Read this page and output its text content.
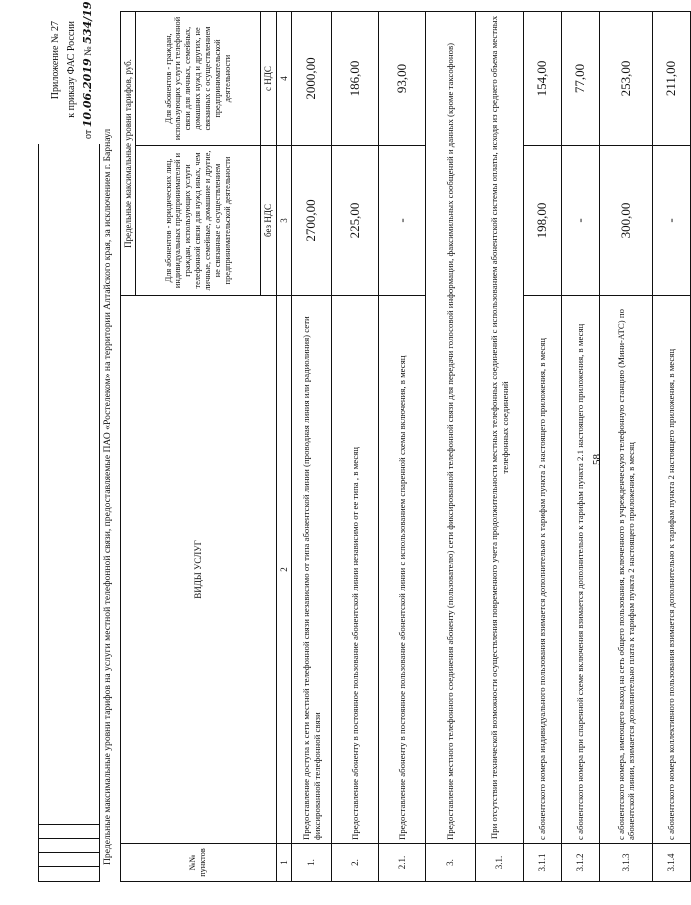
58
Приложение № 27 к приказу ФАС России
от 10.06.2019 № 534/19
Предельные максимальные уровни тарифов на услуги местной телефонной связи, предоставляемые ПАО «Ростелеком» на территории Алтайского края, за исключением г. Барнаул	№№ пунктов	ВИДЫ УСЛУГ	Предельные максимальные уровни тарифов, руб.	
		Для абонентов - юридических лиц, индивидуальных предпринимателей и граждан, использующих услуги телефонной связи для нужд иных, чем личные, семейные, домашние и другие, не связанные с осуществлением предпринимательской деятельности	Для абонентов - граждан, использующих услуги телефонной связи для личных, семейных, домашних нужд и других, не связанных с осуществлением предпринимательской деятельности
		без НДС	с НДС
1	2	3	4
1.	Предоставление доступа к сети местной телефонной связи независимо от типа абонентской линии (проводная линия или радиолиния) сети фиксированной телефонной связи	2700,00	2000,00
2.	Предоставление абоненту в постоянное пользование абонентской линии независимо от ее типа , в месяц	225,00	186,00
2.1.	Предоставление абоненту в постоянное пользование абонентской линии с использованием спаренной схемы включения, в месяц	-	93,00
3.	Предоставление местного телефонного соединения абоненту (пользователю) сети фиксированной телефонной связи для передачи голосовой информации, факсимильных сообщений и данных (кроме таксофонов)		
3.1.	При отсутствии технической возможности осуществления повременного учета продолжительности местных телефонных соединений с использованием абонентской системы оплаты, исходя из среднего объема местных телефонных соединений		
3.1.1	с абонентского номера индивидуального пользования взимается дополнительно к тарифам пункта 2 настоящего приложения, в месяц	198,00	154,00
3.1.2	с абонентского номера при спаренной схеме включения взимается дополнительно к тарифам пункта 2.1 настоящего приложения, в месяц	-	77,00
3.1.3	с абонентского номера, имеющего выход на сеть общего пользования, включенного в учрежденческую телефонную станцию (Мини-АТС) по абонентской линии, взимается дополнительно плата к тарифам пункта 2 настоящего приложения, в месяц	300,00	253,00
3.1.4	с абонентского номера коллективного пользования взимается дополнительно к тарифам пункта 2 настоящего приложения, в месяц	-	211,00
